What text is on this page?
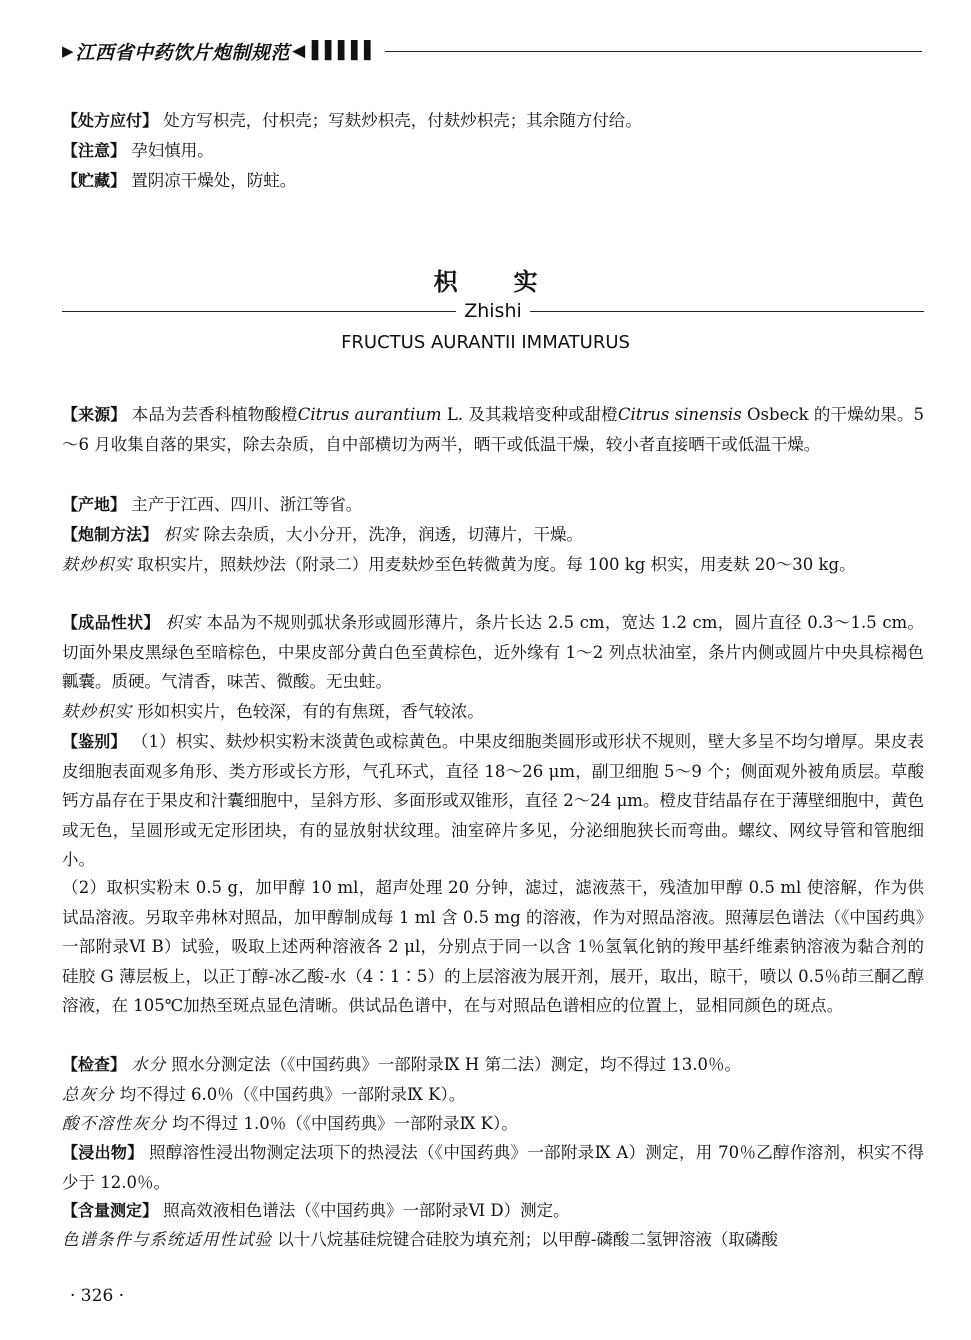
▶ 江西省中药饮片炮制规范 ◀▐▐▐▐▐

【处方应付】 处方写枳壳，付枳壳；写麸炒枳壳，付麸炒枳壳；其余随方付给。

【注意】 孕妇慎用。

【贮藏】 置阴凉干燥处，防蛀。

枳实
Zhishi
FRUCTUS AURANTII IMMATURUS

【来源】 本品为芸香科植物酸橙Citrus aurantium L. 及其栽培变种或甜橙Citrus sinensis Osbeck 的干燥幼果。5～6 月收集自落的果实，除去杂质，自中部横切为两半，晒干或低温干燥，较小者直接晒干或低温干燥。

【产地】 主产于江西、四川、浙江等省。

【炮制方法】 枳实 除去杂质，大小分开，洗净，润透，切薄片，干燥。

麸炒枳实 取枳实片，照麸炒法（附录二）用麦麸炒至色转微黄为度。每 100 kg 枳实，用麦麸 20～30 kg。

【成品性状】 枳实 本品为不规则弧状条形或圆形薄片，条片长达 2.5 cm，宽达 1.2 cm，圆片直径 0.3～1.5 cm。切面外果皮黑绿色至暗棕色，中果皮部分黄白色至黄棕色，近外缘有 1～2 列点状油室，条片内侧或圆片中央具棕褐色瓤囊。质硬。气清香，味苦、微酸。无虫蛀。

麸炒枳实 形如枳实片，色较深，有的有焦斑，香气较浓。

【鉴别】 （1）枳实、麸炒枳实粉末淡黄色或棕黄色。中果皮细胞类圆形或形状不规则，壁大多呈不均匀增厚。果皮表皮细胞表面观多角形、类方形或长方形，气孔环式，直径 18～26 μm，副卫细胞 5～9 个；侧面观外被角质层。草酸钙方晶存在于果皮和汁囊细胞中，呈斜方形、多面形或双锥形，直径 2～24 μm。橙皮苷结晶存在于薄壁细胞中，黄色或无色，呈圆形或无定形团块，有的显放射状纹理。油室碎片多见，分泌细胞狭长而弯曲。螺纹、网纹导管和管胞细小。

（2）取枳实粉末 0.5 g，加甲醇 10 ml，超声处理 20 分钟，滤过，滤液蒸干，残渣加甲醇 0.5 ml 使溶解，作为供试品溶液。另取辛弗林对照品，加甲醇制成每 1 ml 含 0.5 mg 的溶液，作为对照品溶液。照薄层色谱法（《中国药典》一部附录Ⅵ B）试验，吸取上述两种溶液各 2 μl，分别点于同一以含 1％氢氧化钠的羧甲基纤维素钠溶液为黏合剂的硅胶 G 薄层板上，以正丁醇-冰乙酸-水（4∶1∶5）的上层溶液为展开剂，展开，取出，晾干，喷以 0.5％茚三酮乙醇溶液，在 105℃加热至斑点显色清晰。供试品色谱中，在与对照品色谱相应的位置上，显相同颜色的斑点。

【检查】 水分 照水分测定法（《中国药典》一部附录Ⅸ H 第二法）测定，均不得过 13.0％。

总灰分 均不得过 6.0％（《中国药典》一部附录Ⅸ K）。

酸不溶性灰分 均不得过 1.0％（《中国药典》一部附录Ⅸ K）。

【浸出物】 照醇溶性浸出物测定法项下的热浸法（《中国药典》一部附录Ⅸ A）测定，用 70％乙醇作溶剂，枳实不得少于 12.0％。

【含量测定】 照高效液相色谱法（《中国药典》一部附录Ⅵ D）测定。

色谱条件与系统适用性试验 以十八烷基硅烷键合硅胶为填充剂；以甲醇-磷酸二氢钾溶液（取磷酸

· 326 ·
